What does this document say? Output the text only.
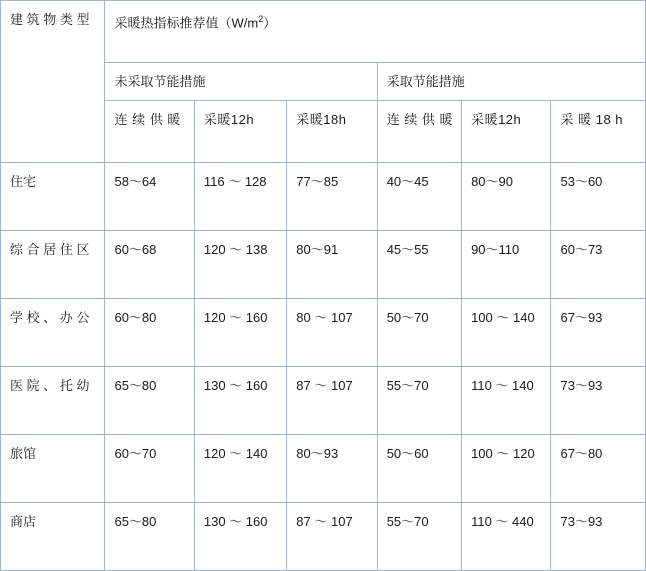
建 筑 物 类 型	采暖热指标推荐值$(W/m^2)$					
	未采取节能措施			采取节能措施		
	连 续 供 暖	采暖12h	采暖18h	连 续 供 暖	采暖12h	采 暖 18 h
住宅	58～64	116 ～ 128	77～85	40～45	80～90	53～60
综 合 居 住 区	60～68	120 ～ 138	80～91	45～55	90～110	60～73
学 校 、 办 公	60～80	120 ～ 160	80 ～ 107	50～70	100 ～ 140	67～93
医 院 、 托 幼	65～80	130 ～ 160	87 ～ 107	55～70	110 ～ 140	73～93
旅馆	60～70	120 ～ 140	80～93	50～60	100 ～ 120	67～80
商店	65～80	130 ～ 160	87 ～ 107	55～70	110 ～ 440	73～93
